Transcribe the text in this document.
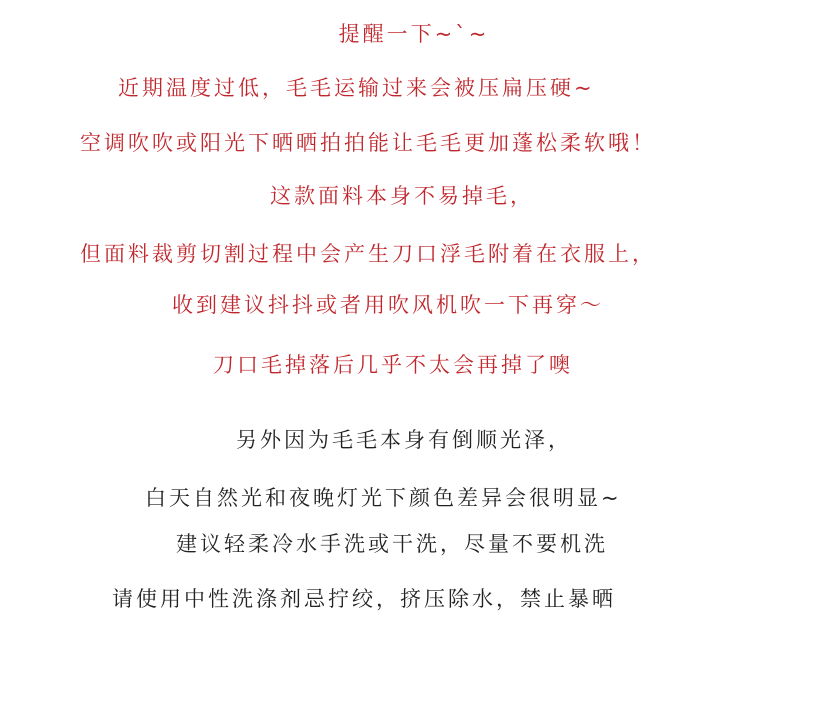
提醒一下~`~
近期温度过低，毛毛运输过来会被压扁压硬~
空调吹吹或阳光下晒晒拍拍能让毛毛更加蓬松柔软哦！
这款面料本身不易掉毛，
但面料裁剪切割过程中会产生刀口浮毛附着在衣服上，
收到建议抖抖或者用吹风机吹一下再穿～
刀口毛掉落后几乎不太会再掉了噢
另外因为毛毛本身有倒顺光泽，
白天自然光和夜晚灯光下颜色差异会很明显~
建议轻柔冷水手洗或干洗，尽量不要机洗
请使用中性洗涤剂忌拧绞，挤压除水，禁止暴晒
